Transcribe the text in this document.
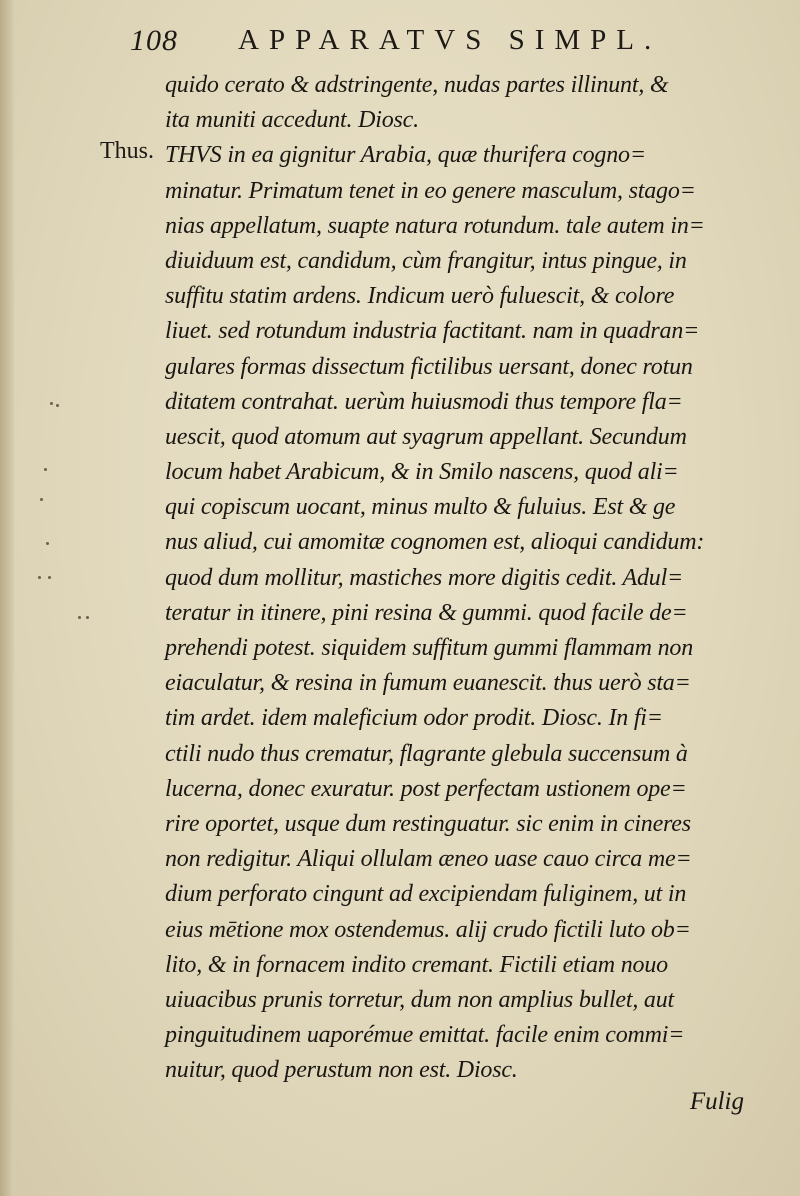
108 APPARATVS SIMPL.
Thus.
quido cerato & adstringente, nudas partes illinunt, &
ita muniti accedunt. Diosc.
THVS in ea gignitur Arabia, quæ thurifera cogno=
minatur. Primatum tenet in eo genere masculum, stago=
nias appellatum, suapte natura rotundum. tale autem in=
diuiduum est, candidum, cùm frangitur, intus pingue, in
suffitu statim ardens. Indicum uerò fuluescit, & colore
liuet. sed rotundum industria factitant. nam in quadran=
gulares formas dissectum fictilibus uersant, donec rotun
ditatem contrahat. uerùm huiusmodi thus tempore fla=
uescit, quod atomum aut syagrum appellant. Secundum
locum habet Arabicum, & in Smilo nascens, quod ali=
qui copiscum uocant, minus multo & fuluius. Est & ge
nus aliud, cui amomitæ cognomen est, alioqui candidum:
quod dum mollitur, mastiches more digitis cedit. Adul=
teratur in itinere, pini resina & gummi. quod facile de=
prehendi potest. siquidem suffitum gummi flammam non
eiaculatur, & resina in fumum euanescit. thus uerò sta=
tim ardet. idem maleficium odor prodit. Diosc. In fi=
ctili nudo thus crematur, flagrante glebula succensum à
lucerna, donec exuratur. post perfectam ustionem ope=
rire oportet, usque dum restinguatur. sic enim in cineres
non redigitur. Aliqui ollulam æneo uase cauo circa me=
dium perforato cingunt ad excipiendam fuliginem, ut in
eius mētione mox ostendemus. alij crudo fictili luto ob=
lito, & in fornacem indito cremant. Fictili etiam nouo
uiuacibus prunis torretur, dum non amplius bullet, aut
pinguitudinem uaporémue emittat. facile enim commi=
nuitur, quod perustum non est. Diosc.
Fulig
